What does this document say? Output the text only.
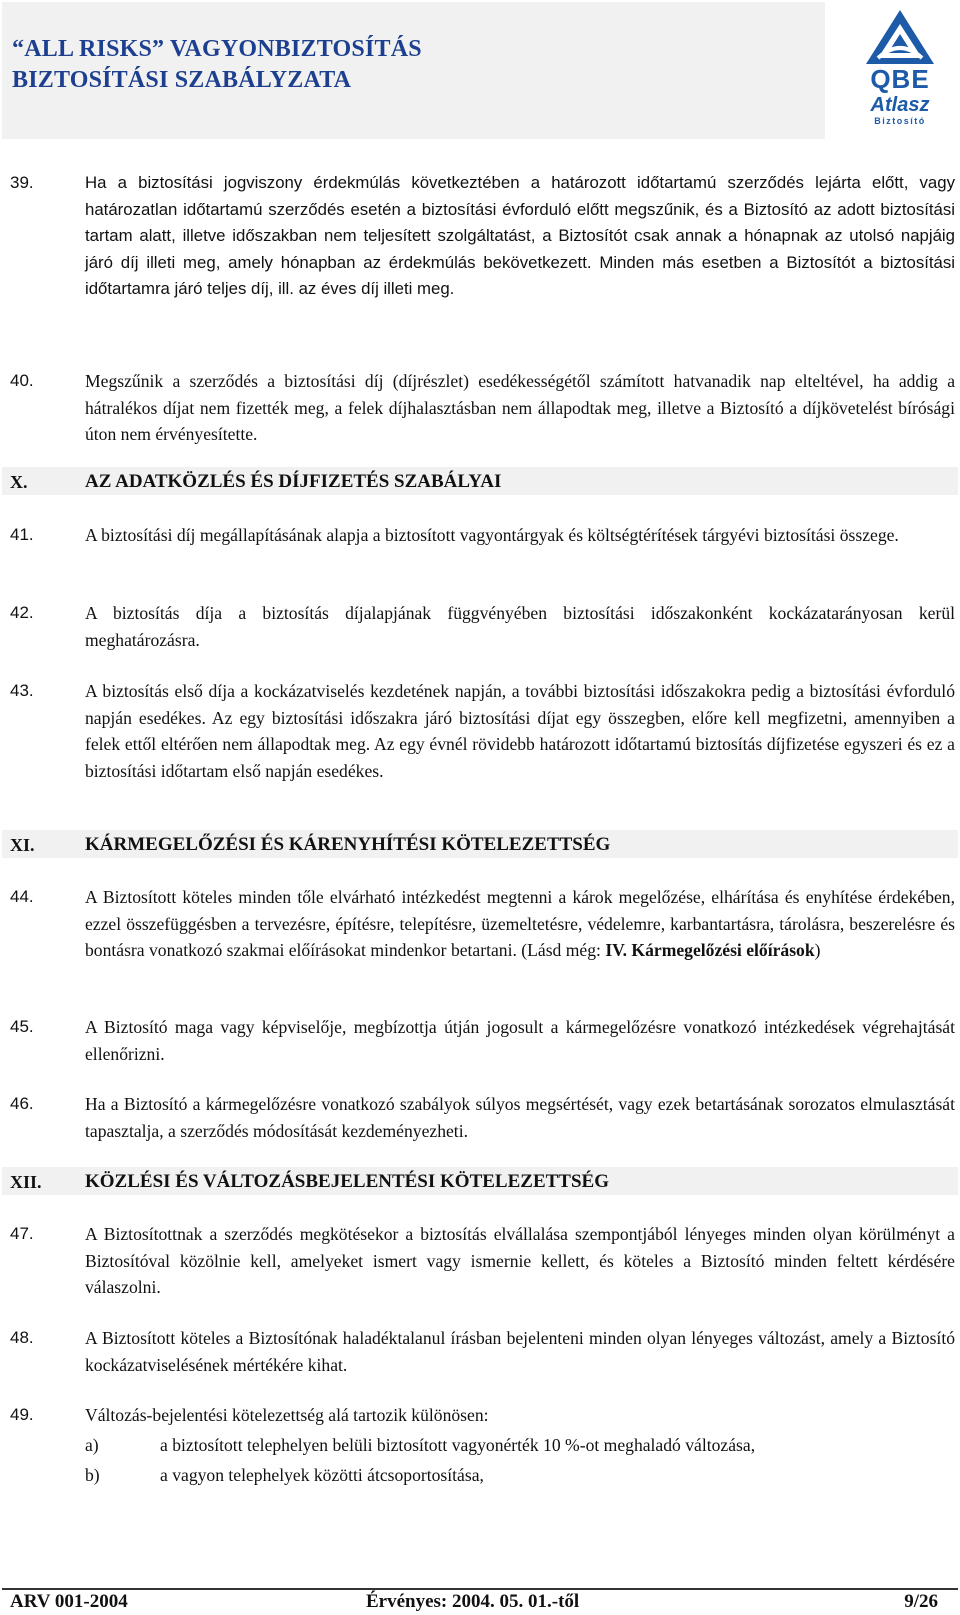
“ALL RISKS” VAGYONBIZTOSÍTÁS
BIZTOSÍTÁSI SZABÁLYZATA	QBE
Atlasz
Biztosító
39.	Ha a biztosítási jogviszony érdekmúlás következtében a határozott időtartamú szerződés lejárta előtt, vagy határozatlan időtartamú szerződés esetén a biztosítási évforduló előtt megszűnik, és a Biztosító az adott biztosítási tartam alatt, illetve időszakban nem teljesített szolgáltatást, a Biztosítót csak annak a hónapnak az utolsó napjáig járó díj illeti meg, amely hónapban az érdekmúlás bekövetkezett. Minden más esetben a Biztosítót a biztosítási időtartamra járó teljes díj, ill. az éves díj illeti meg.
40.	Megszűnik a szerződés a biztosítási díj (díjrészlet) esedékességétől számított hatvanadik nap elteltével, ha addig a hátralékos díjat nem fizették meg, a felek díjhalasztásban nem állapodtak meg, illetve a Biztosító a díjkövetelést bírósági úton nem érvényesítette.
X.	AZ ADATKÖZLÉS ÉS DÍJFIZETÉS SZABÁLYAI
41.	A biztosítási díj megállapításának alapja a biztosított vagyontárgyak és költségtérítések tárgyévi biztosítási összege.
42.	A biztosítás díja a biztosítás díjalapjának függvényében biztosítási időszakonként kockázatarányosan kerül meghatározásra.
43.	A biztosítás első díja a kockázatviselés kezdetének napján, a további biztosítási időszakokra pedig a biztosítási évforduló napján esedékes. Az egy biztosítási időszakra járó biztosítási díjat egy összegben, előre kell megfizetni, amennyiben a felek ettől eltérően nem állapodtak meg. Az egy évnél rövidebb határozott időtartamú biztosítás díjfizetése egyszeri és ez a biztosítási időtartam első napján esedékes.
XI.	KÁRMEGELŐZÉSI ÉS KÁRENYHÍTÉSI KÖTELEZETTSÉG
44.	A Biztosított köteles minden tőle elvárható intézkedést megtenni a károk megelőzése, elhárítása és enyhítése érdekében, ezzel összefüggésben a tervezésre, építésre, telepítésre, üzemeltetésre, védelemre, karbantartásra, tárolásra, beszerelésre és bontásra vonatkozó szakmai előírásokat mindenkor betartani. (Lásd még: IV. Kármegelőzési előírások)
45.	A Biztosító maga vagy képviselője, megbízottja útján jogosult a kármegelőzésre vonatkozó intézkedések végrehajtását ellenőrizni.
46.	Ha a Biztosító a kármegelőzésre vonatkozó szabályok súlyos megsértését, vagy ezek betartásának sorozatos elmulasztását tapasztalja, a szerződés módosítását kezdeményezheti.
XII.	KÖZLÉSI ÉS VÁLTOZÁSBEJELENTÉSI KÖTELEZETTSÉG
47.	A Biztosítottnak a szerződés megkötésekor a biztosítás elvállalása szempontjából lényeges minden olyan körülményt a Biztosítóval közölnie kell, amelyeket ismert vagy ismernie kellett, és köteles a Biztosító minden feltett kérdésére válaszolni.
48.	A Biztosított köteles a Biztosítónak haladéktalanul írásban bejelenteni minden olyan lényeges változást, amely a Biztosító kockázatviselésének mértékére kihat.
49.	Változás-bejelentési kötelezettség alá tartozik különösen:
a)	a biztosított telephelyen belüli biztosított vagyonérték 10 %-ot meghaladó változása,
b)	a vagyon telephelyek közötti átcsoportosítása,
ARV 001-2004	Érvényes: 2004. 05. 01.-től	9/26
